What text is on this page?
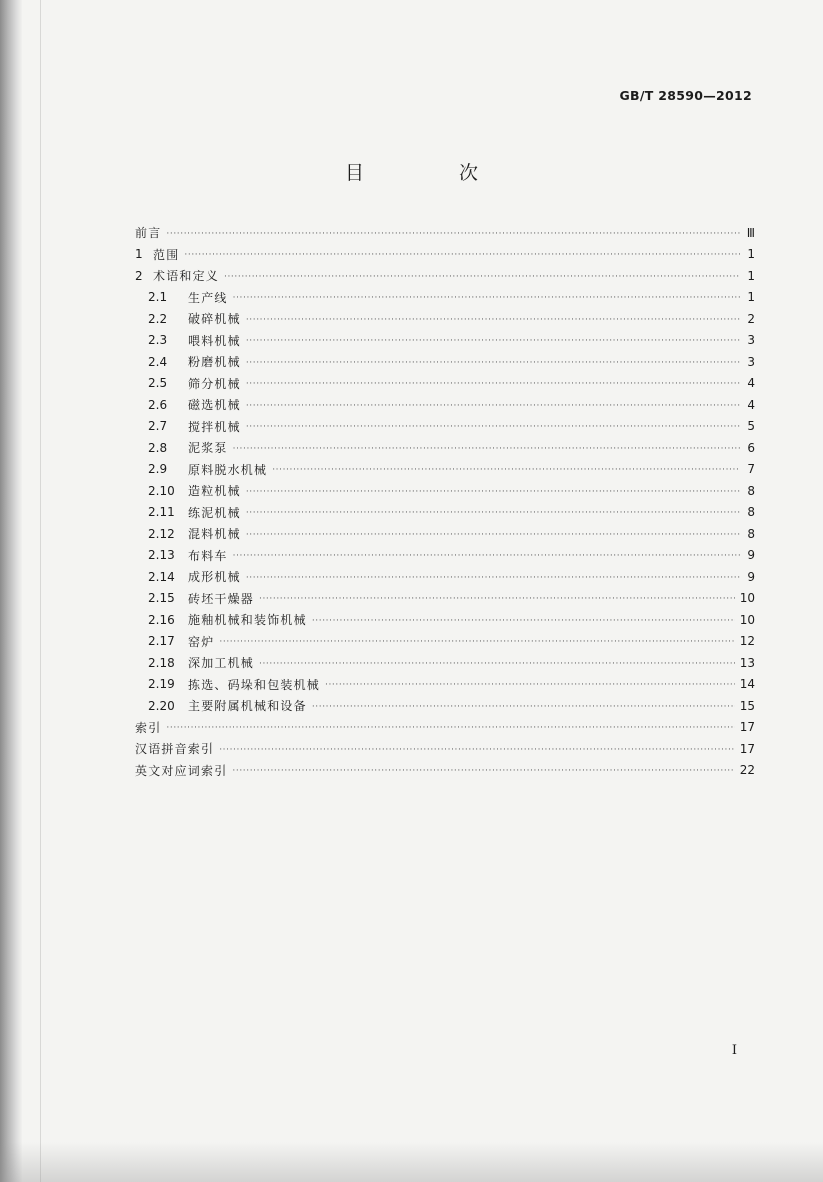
GB/T 28590—2012
目　次
前言 ·····	Ⅲ
1 范围 ·····	1
2 术语和定义 ·····	1
2.1	生产线 ·····	1
2.2	破碎机械 ·····	2
2.3	喂料机械 ·····	3
2.4	粉磨机械 ·····	3
2.5	筛分机械 ·····	4
2.6	磁选机械 ·····	4
2.7	搅拌机械 ·····	5
2.8	泥浆泵 ·····	6
2.9	原料脱水机械 ·····	7
2.10	造粒机械 ·····	8
2.11	练泥机械 ·····	8
2.12	混料机械 ·····	8
2.13	布料车 ·····	9
2.14	成形机械 ·····	9
2.15	砖坯干燥器 ·····	10
2.16	施釉机械和装饰机械 ·····	10
2.17	窑炉 ·····	12
2.18	深加工机械 ·····	13
2.19	拣选、码垛和包装机械 ·····	14
2.20	主要附属机械和设备 ·····	15
索引 ·····	17
汉语拼音索引 ·····	17
英文对应词索引 ·····	22
I
